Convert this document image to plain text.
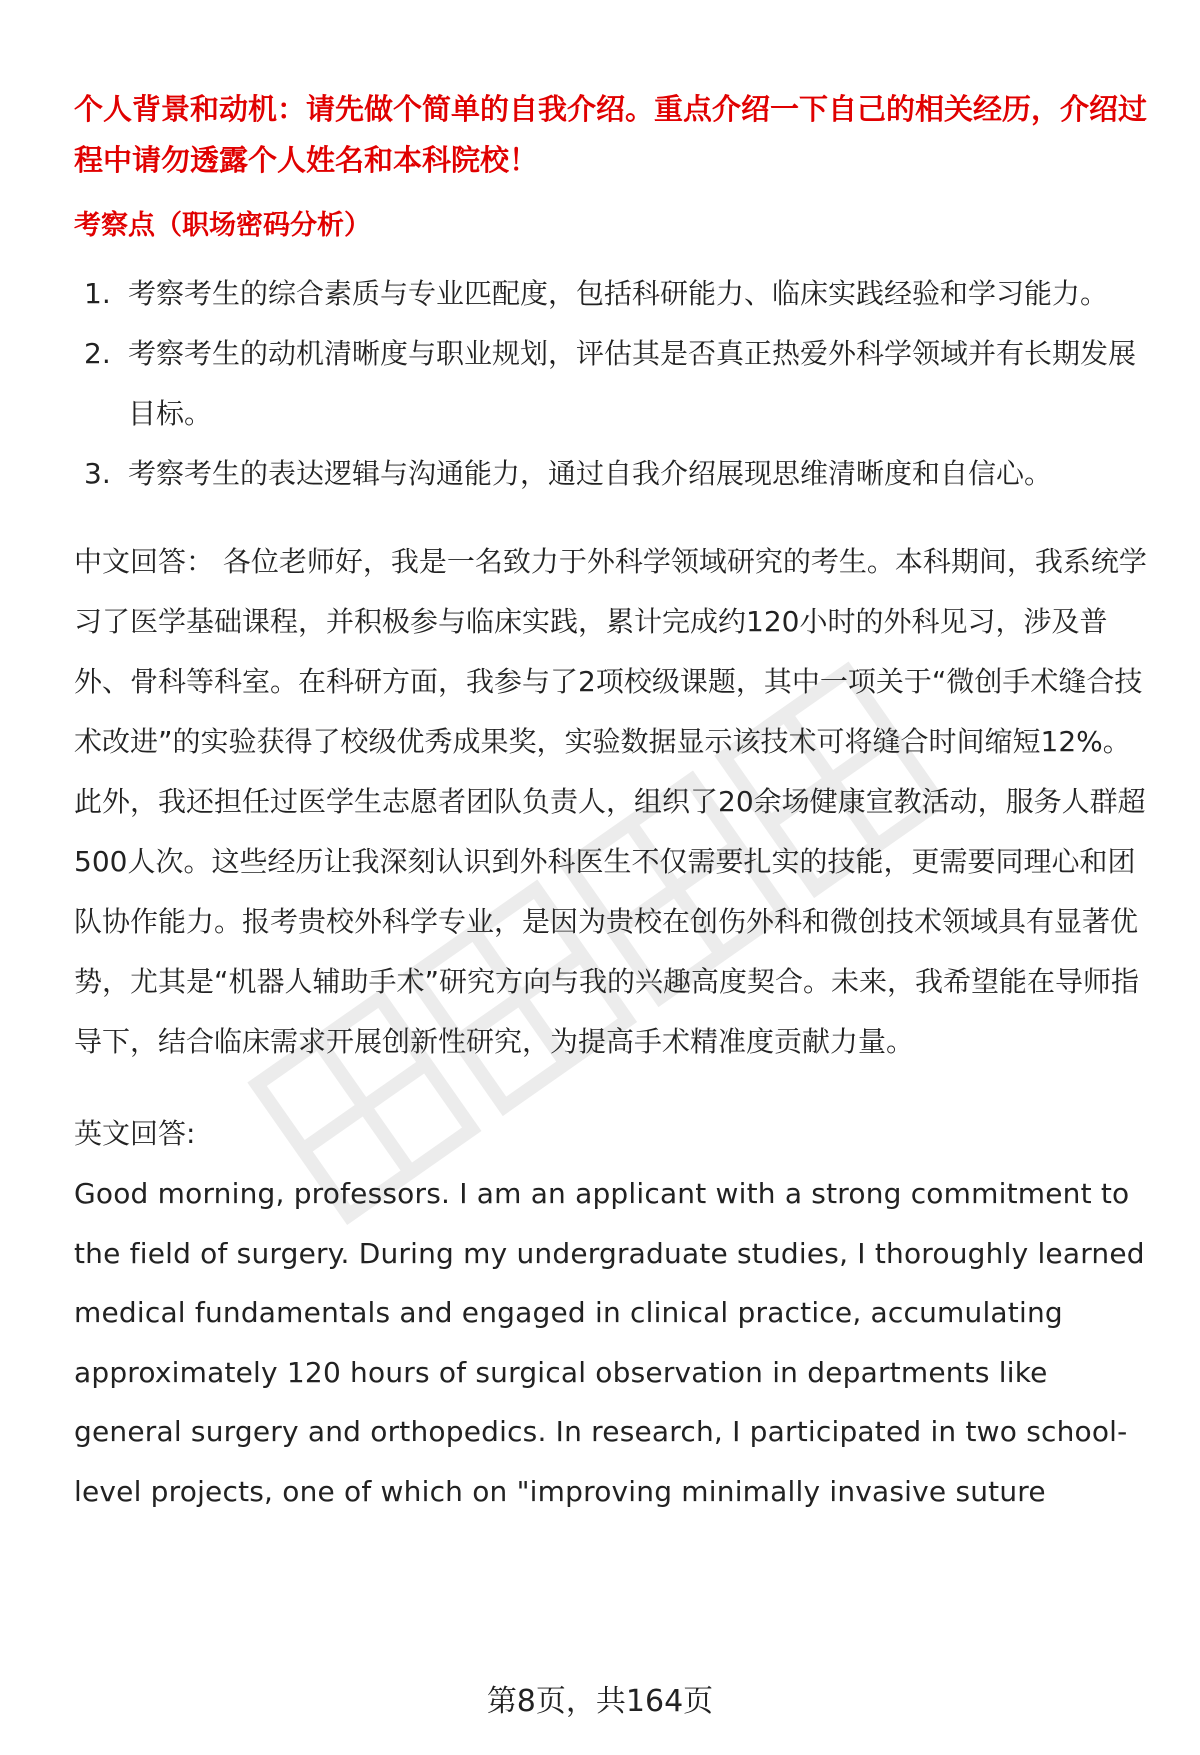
个人背景和动机：请先做个简单的自我介绍。重点介绍一下自己的相关经历，介绍过程中请勿透露个人姓名和本科院校！

考察点（职场密码分析）

1. 考察考生的综合素质与专业匹配度，包括科研能力、临床实践经验和学习能力。
2. 考察考生的动机清晰度与职业规划，评估其是否真正热爱外科学领域并有长期发展目标。
3. 考察考生的表达逻辑与沟通能力，通过自我介绍展现思维清晰度和自信心。

中文回答： 各位老师好，我是一名致力于外科学领域研究的考生。本科期间，我系统学习了医学基础课程，并积极参与临床实践，累计完成约120小时的外科见习，涉及普外、骨科等科室。在科研方面，我参与了2项校级课题，其中一项关于“微创手术缝合技术改进”的实验获得了校级优秀成果奖，实验数据显示该技术可将缝合时间缩短12%。此外，我还担任过医学生志愿者团队负责人，组织了20余场健康宣教活动，服务人群超500人次。这些经历让我深刻认识到外科医生不仅需要扎实的技能，更需要同理心和团队协作能力。报考贵校外科学专业，是因为贵校在创伤外科和微创技术领域具有显著优势，尤其是“机器人辅助手术”研究方向与我的兴趣高度契合。未来，我希望能在导师指导下，结合临床需求开展创新性研究，为提高手术精准度贡献力量。

英文回答:

Good morning, professors. I am an applicant with a strong commitment to the field of surgery. During my undergraduate studies, I thoroughly learned medical fundamentals and engaged in clinical practice, accumulating approximately 120 hours of surgical observation in departments like general surgery and orthopedics. In research, I participated in two school-level projects, one of which on "improving minimally invasive suture

第8页，共164页
